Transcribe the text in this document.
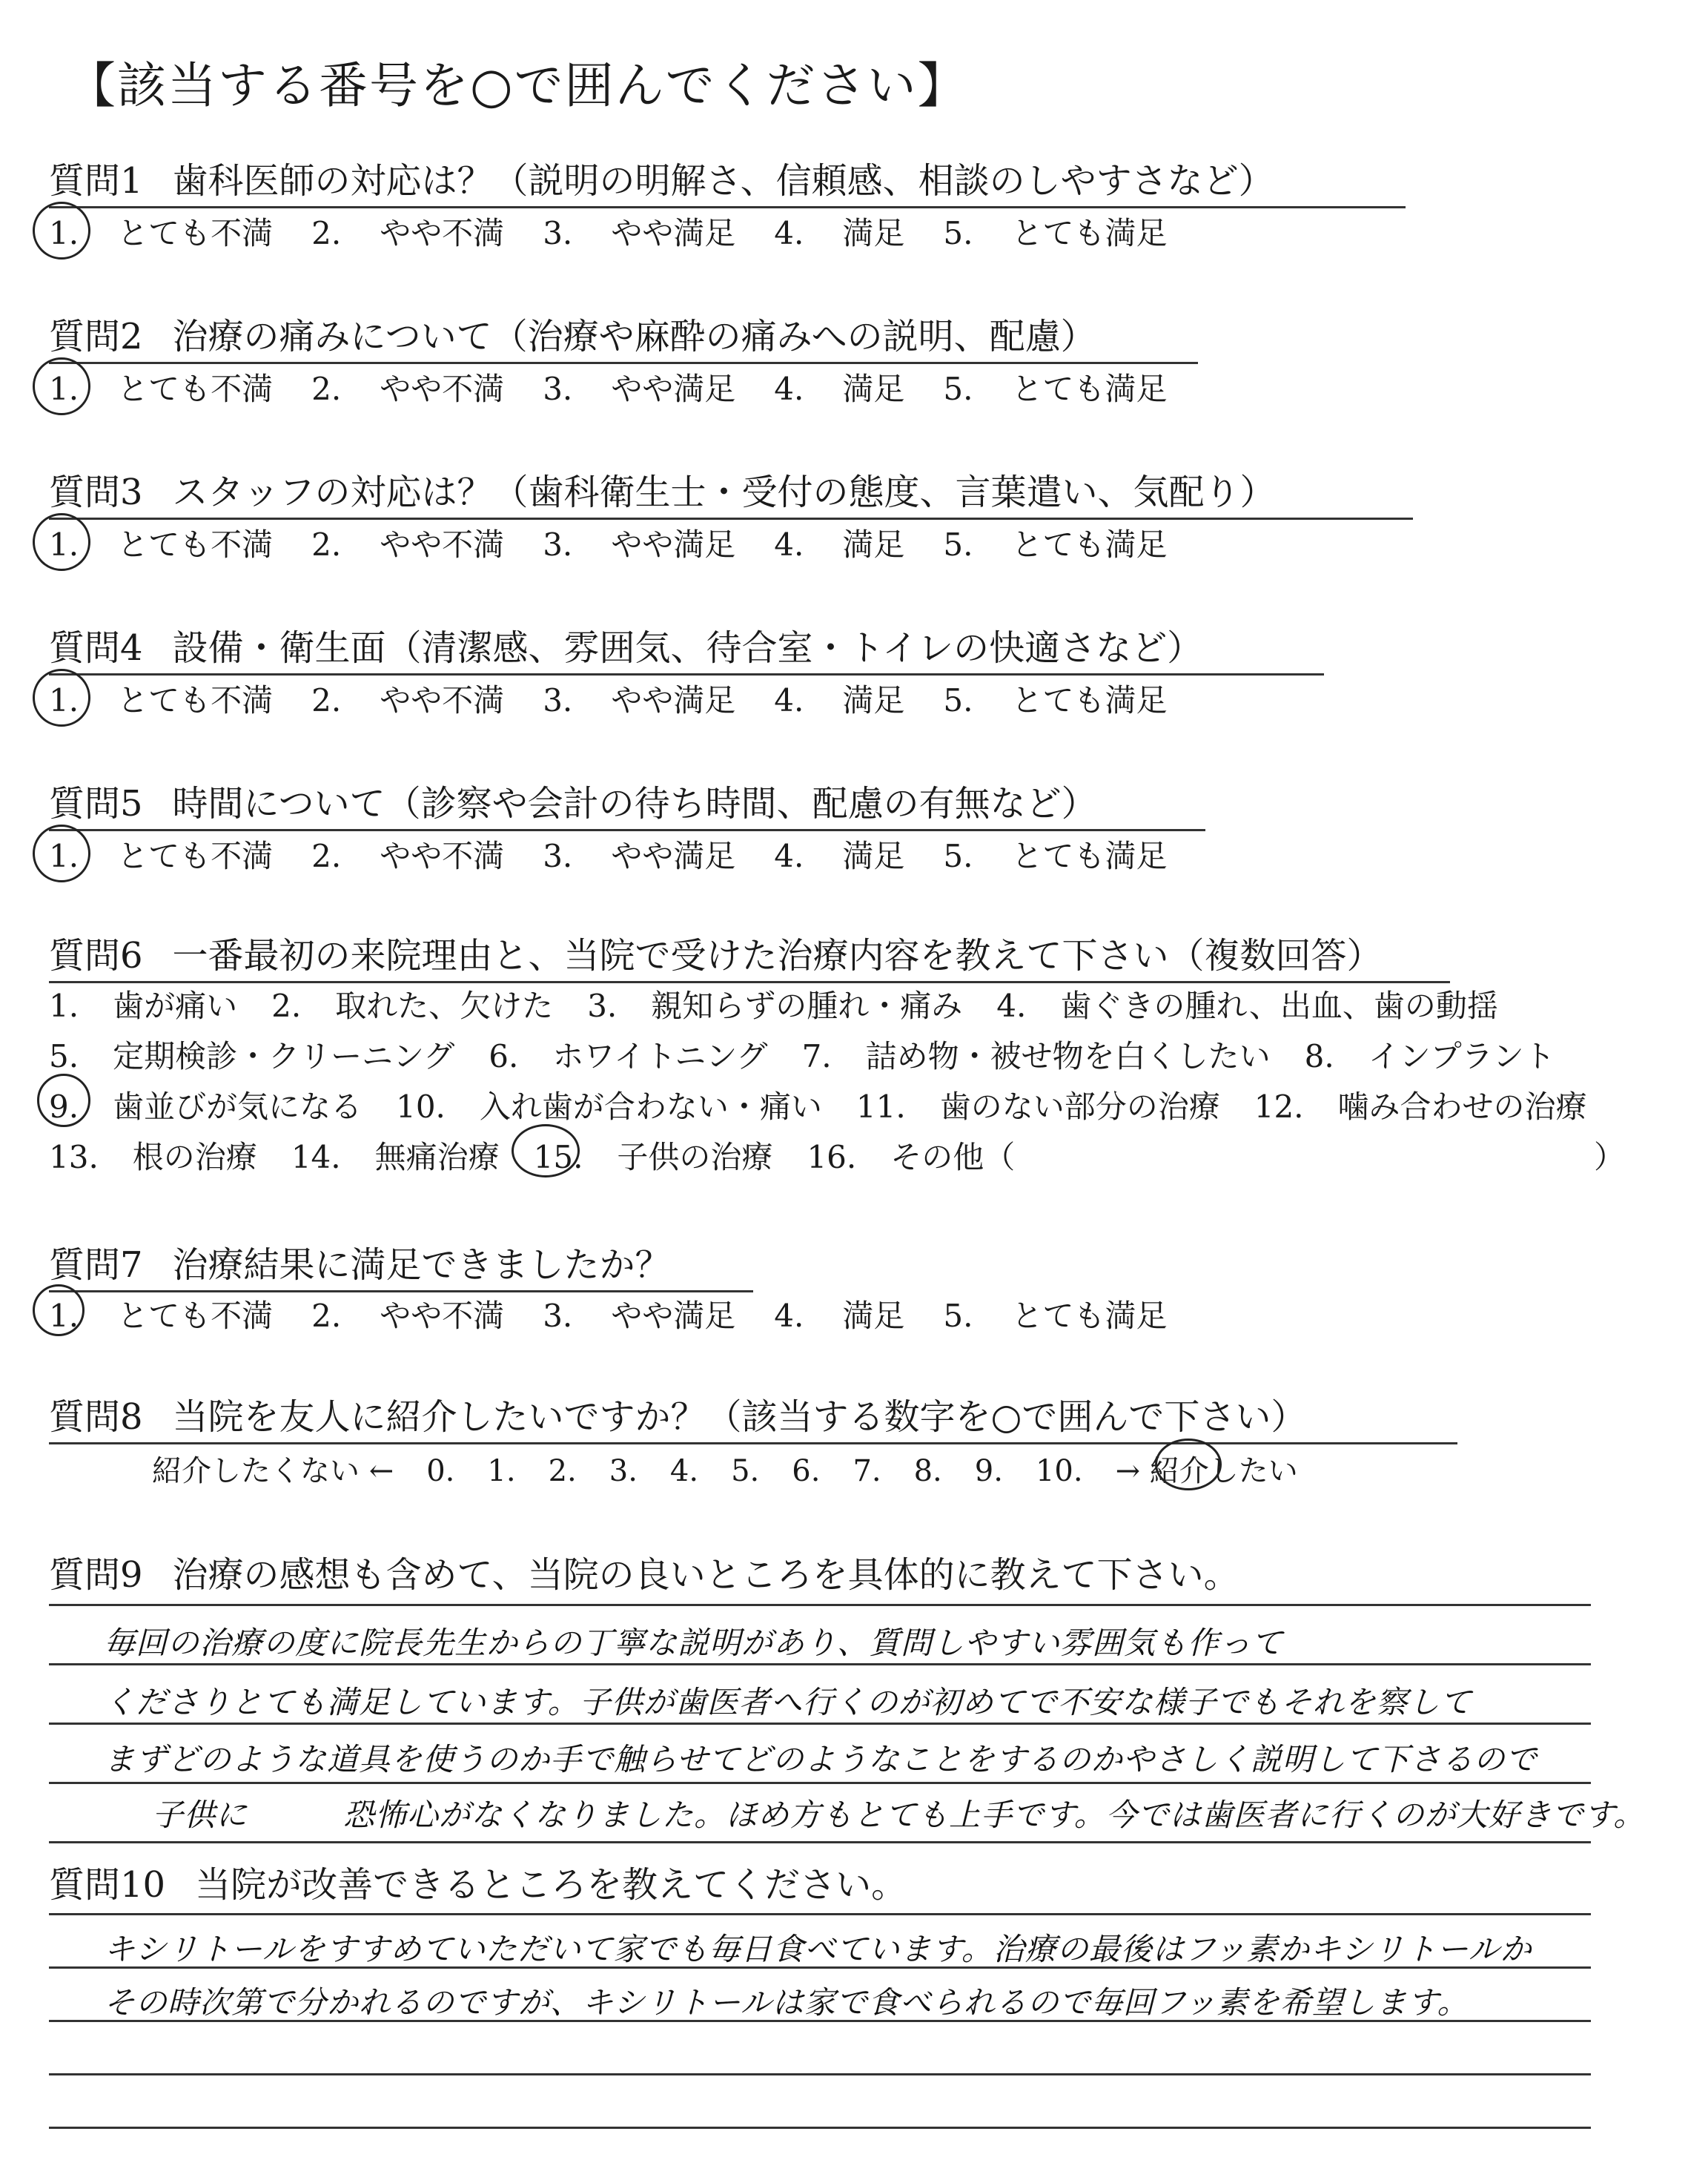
【該当する番号を○で囲んでください】
質問1 歯科医師の対応は？（説明の明解さ、信頼感、相談のしやすさなど）
1. とても不満 2. やや不満 3. やや満足 4. 満足 5. とても満足
質問2 治療の痛みについて（治療や麻酔の痛みへの説明、配慮）
1. とても不満 2. やや不満 3. やや満足 4. 満足 5. とても満足
質問3 スタッフの対応は？（歯科衛生士・受付の態度、言葉遣い、気配り）
1. とても不満 2. やや不満 3. やや満足 4. 満足 5. とても満足
質問4 設備・衛生面（清潔感、雰囲気、待合室・トイレの快適さなど）
1. とても不満 2. やや不満 3. やや満足 4. 満足 5. とても満足
質問5 時間について（診察や会計の待ち時間、配慮の有無など）
1. とても不満 2. やや不満 3. やや満足 4. 満足 5. とても満足
質問6 一番最初の来院理由と、当院で受けた治療内容を教えて下さい（複数回答）
1. 歯が痛い 2. 取れた、欠けた 3. 親知らずの腫れ・痛み 4. 歯ぐきの腫れ、出血、歯の動揺
5. 定期検診・クリーニング 6. ホワイトニング 7. 詰め物・被せ物を白くしたい 8. インプラント
9. 歯並びが気になる 10. 入れ歯が合わない・痛い 11. 歯のない部分の治療 12. 噛み合わせの治療
13. 根の治療 14. 無痛治療 15. 子供の治療 16. その他（	）
質問7 治療結果に満足できましたか？
1. とても不満 2. やや不満 3. やや満足 4. 満足 5. とても満足
質問8 当院を友人に紹介したいですか？（該当する数字を○で囲んで下さい）
紹介したくない ← 0. 1. 2. 3. 4. 5. 6. 7. 8. 9. 10. → 紹介したい
質問9 治療の感想も含めて、当院の良いところを具体的に教えて下さい。
毎回の治療の度に院長先生からの丁寧な説明があり、質問しやすい雰囲気も作って
くださりとても満足しています。子供が歯医者へ行くのが初めてで不安な様子でもそれを察して
まずどのような道具を使うのか手で触らせてどのようなことをするのかやさしく説明して下さるので
子供に　　　恐怖心がなくなりました。ほめ方もとても上手です。今では歯医者に行くのが大好きです。
質問10 当院が改善できるところを教えてください。
キシリトールをすすめていただいて家でも毎日食べています。治療の最後はフッ素かキシリトールか
その時次第で分かれるのですが、キシリトールは家で食べられるので毎回フッ素を希望します。
